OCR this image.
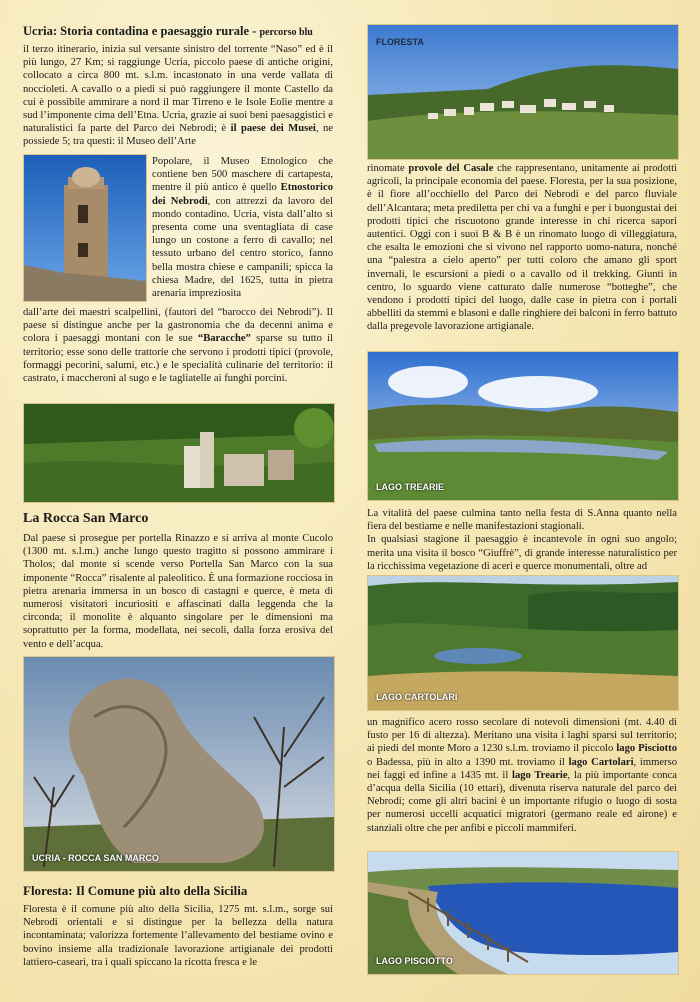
Ucria: Storia contadina e paesaggio rurale - percorso blu

il terzo itinerario, inizia sul versante sinistro del torrente “Naso” ed è il più lungo, 27 Km; si raggiunge Ucria, piccolo paese di antiche origini, collocato a circa 800 mt. s.l.m. incastonato in una verde vallata di noccioleti. A cavallo o a piedi si può raggiungere il monte Castello da cui è possibile ammirare a nord il mar Tirreno e le Isole Eolie mentre a sud l’imponente cima dell’Etna. Ucria, grazie ai suoi beni paesaggistici e naturalistici fa parte del Parco dei Nebrodi; è il paese dei Musei, ne possiede 5; tra questi: il Museo dell’Arte

Popolare, il Museo Etnologico che contiene ben 500 maschere di cartapesta, mentre il più antico è quello Etnostorico dei Nebrodi, con attrezzi da lavoro del mondo contadino. Ucria, vista dall’alto si presenta come una sventagliata di case lungo un costone a ferro di cavallo; nel tessuto urbano del centro storico, fanno bella mostra chiese e campanili; spicca la chiesa Madre, del 1625, tutta in pietra arenaria impreziosita

dall’arte dei maestri scalpellini, (fautori del “barocco dei Nebrodi”). Il paese si distingue anche per la gastronomia che da decenni anima e colora i paesaggi montani con le sue “Baracche” sparse su tutto il territorio; esse sono delle trattorie che servono i prodotti tipici (provole, formaggi pecorini, salumi, etc.) e le specialità culinarie del territorio: il castrato, i maccheroni al sugo e le tagliatelle ai funghi porcini.

La Rocca San Marco

Dal paese si prosegue per portella Rinazzo e si arriva al monte Cucolo (1300 mt. s.l.m.) anche lungo questo tragitto si possono ammirare i Tholos; dal monte si scende verso Portella San Marco con la sua imponente “Rocca” risalente al paleolitico. È una formazione rocciosa in pietra arenaria immersa in un bosco di castagni e querce, è meta di numerosi visitatori incuriositi e affascinati dalla leggenda che la circonda; il monolite è alquanto singolare per le dimensioni ma soprattutto per la forma, modellata, nei secoli, dalla forza erosiva del vento e dell’acqua.

UCRIA - ROCCA SAN MARCO
Floresta: Il Comune più alto della Sicilia

Floresta è il comune più alto della Sicilia, 1275 mt. s.l.m., sorge sui Nebrodi orientali e si distingue per la bellezza della natura incontaminata; valorizza fortemente l’allevamento del bestiame ovino e bovino insieme alla tradizionale lavorazione artigianale dei prodotti lattiero-caseari, tra i quali spiccano la ricotta fresca e le

FLORESTA

rinomate provole del Casale che rappresentano, unitamente ai prodotti agricoli, la principale economia del paese. Floresta, per la sua posizione, è il fiore all’occhiello del Parco dei Nebrodi e del parco fluviale dell’Alcantara; meta prediletta per chi va a funghi e per i buongustai dei prodotti tipici che riscuotono grande interesse in chi ricerca sapori autentici. Oggi con i suoi B & B è un rinomato luogo di villeggiatura, che esalta le emozioni che si vivono nel rapporto uomo-natura, nonché una “palestra a cielo aperto” per tutti coloro che amano gli sport invernali, le escursioni a piedi o a cavallo od il trekking. Giunti in centro, lo sguardo viene catturato dalle numerose “botteghe”, che vendono i prodotti tipici del luogo, dalle case in pietra con i portali abbelliti da stemmi e blasoni e dalle ringhiere dei balconi in ferro battuto dalla pregevole lavorazione artigianale.

LAGO TREARIE

La vitalità del paese culmina tanto nella festa di S.Anna quanto nella fiera del bestiame e nelle manifestazioni stagionali.

In qualsiasi stagione il paesaggio è incantevole in ogni suo angolo; merita una visita il bosco “Giuffrè”, di grande interesse naturalistico per la ricchissima vegetazione di aceri e querce monumentali, oltre ad

LAGO CARTOLARI

un magnifico acero rosso secolare di notevoli dimensioni (mt. 4.40 di fusto per 16 di altezza). Meritano una visita i laghi sparsi sul territorio; ai piedi del monte Moro a 1230 s.l.m. troviamo il piccolo lago Pisciotto o Badessa, più in alto a 1390 mt. troviamo il lago Cartolari, immerso nei faggi ed infine a 1435 mt. il lago Trearie, la più importante conca d’acqua della Sicilia (10 ettari), divenuta riserva naturale del parco dei Nebrodi; come gli altri bacini è un importante rifugio o luogo di sosta per numerosi uccelli acquatici migratori (germano reale ed airone) e stanziali oltre che per anfibi e piccoli mammiferi.

LAGO PISCIOTTO
